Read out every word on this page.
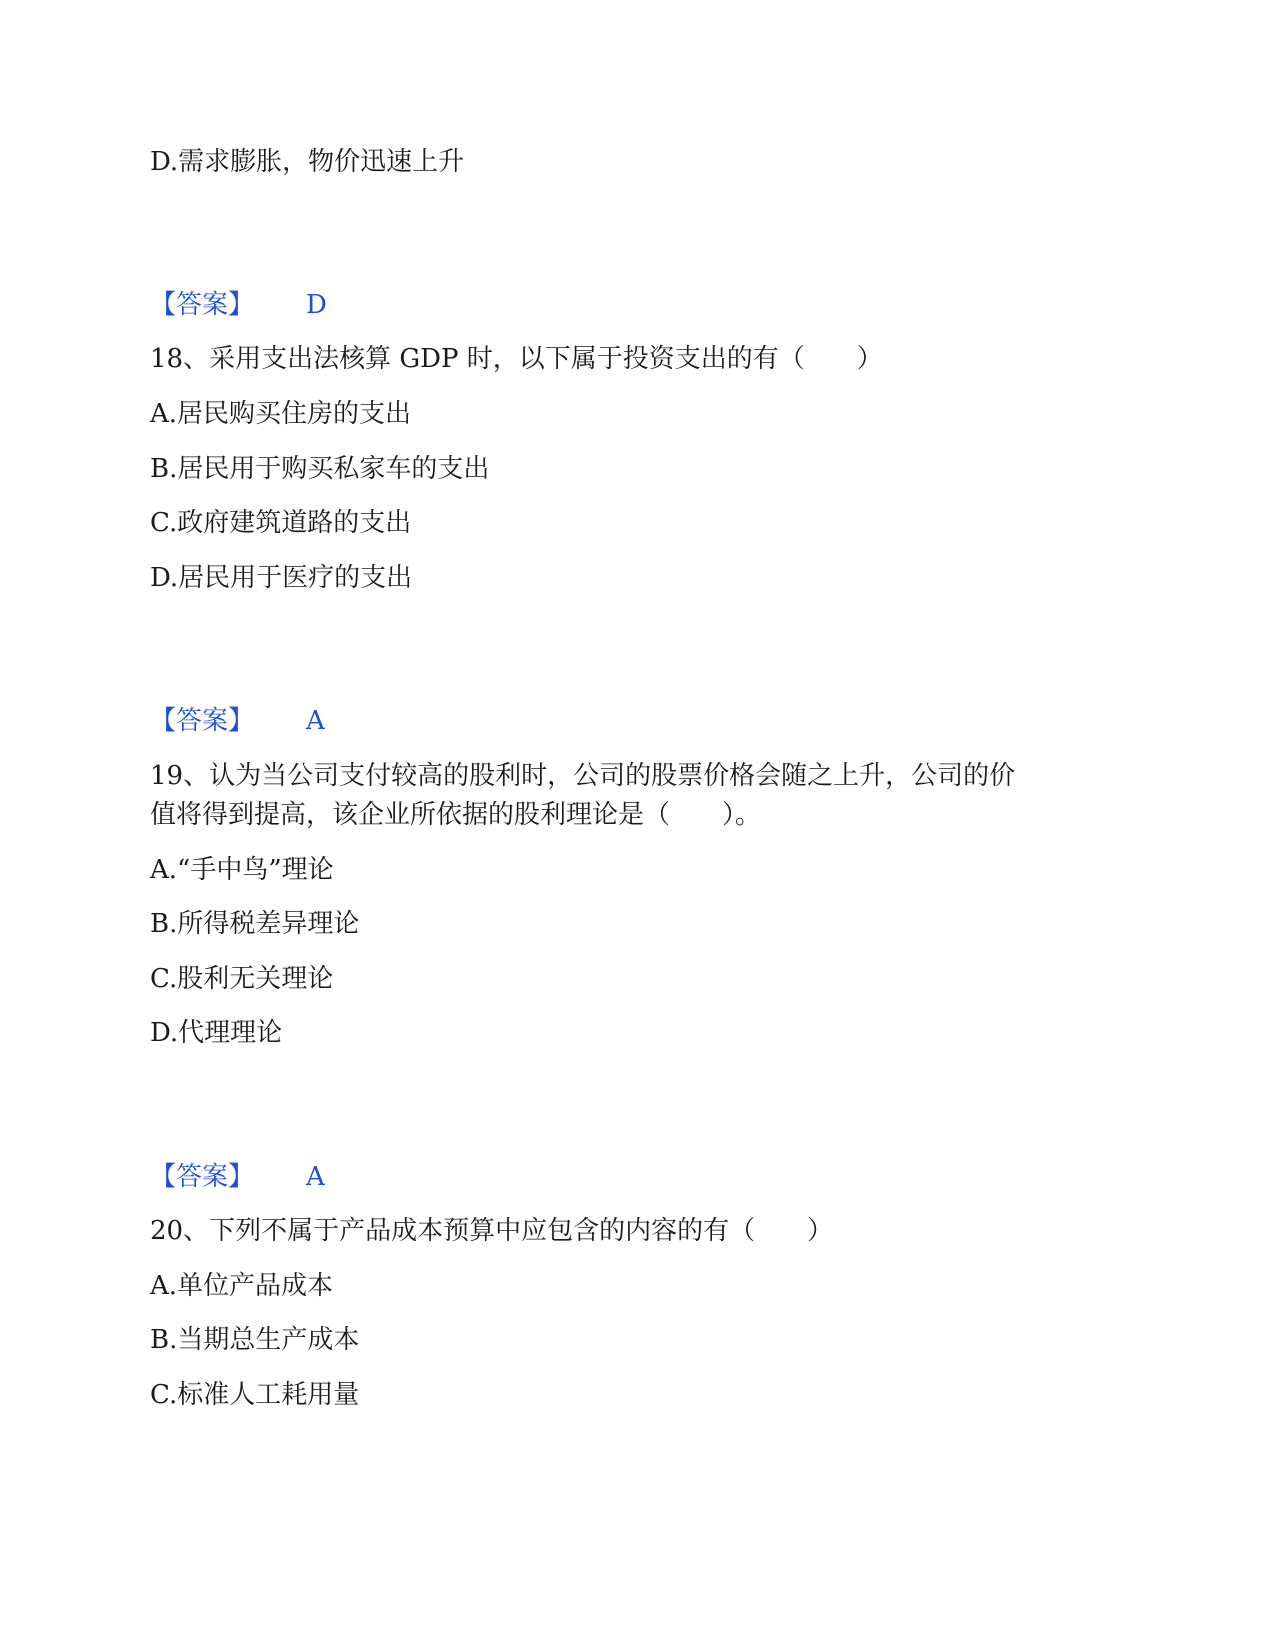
D.需求膨胀，物价迅速上升
【答案】 D
18、采用支出法核算 GDP 时，以下属于投资支出的有（　　）
A.居民购买住房的支出
B.居民用于购买私家车的支出
C.政府建筑道路的支出
D.居民用于医疗的支出
【答案】 A
19、认为当公司支付较高的股利时，公司的股票价格会随之上升，公司的价
值将得到提高，该企业所依据的股利理论是（　　）。
A.“手中鸟”理论
B.所得税差异理论
C.股利无关理论
D.代理理论
【答案】 A
20、下列不属于产品成本预算中应包含的内容的有（　　）
A.单位产品成本
B.当期总生产成本
C.标准人工耗用量
